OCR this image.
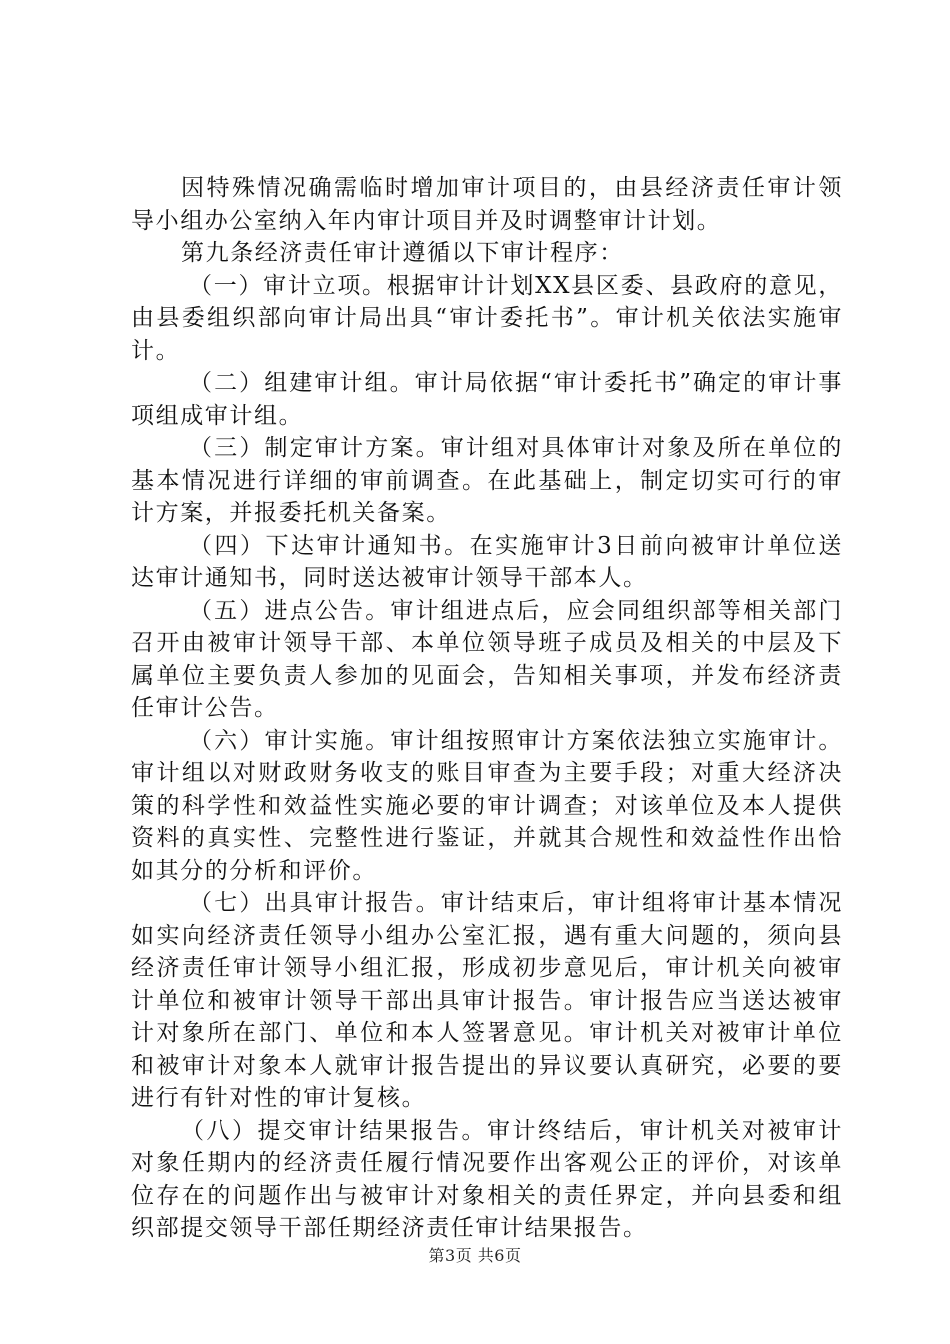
因特殊情况确需临时增加审计项目的，由县经济责任审计领导小组办公室纳入年内审计项目并及时调整审计计划。

第九条经济责任审计遵循以下审计程序：

（一）审计立项。根据审计计划XX县区委、县政府的意见，由县委组织部向审计局出具“审计委托书”。审计机关依法实施审计。

（二）组建审计组。审计局依据“审计委托书”确定的审计事项组成审计组。

（三）制定审计方案。审计组对具体审计对象及所在单位的基本情况进行详细的审前调查。在此基础上，制定切实可行的审计方案，并报委托机关备案。

（四）下达审计通知书。在实施审计3日前向被审计单位送达审计通知书，同时送达被审计领导干部本人。

（五）进点公告。审计组进点后，应会同组织部等相关部门召开由被审计领导干部、本单位领导班子成员及相关的中层及下属单位主要负责人参加的见面会，告知相关事项，并发布经济责任审计公告。

（六）审计实施。审计组按照审计方案依法独立实施审计。审计组以对财政财务收支的账目审查为主要手段；对重大经济决策的科学性和效益性实施必要的审计调查；对该单位及本人提供资料的真实性、完整性进行鉴证，并就其合规性和效益性作出恰如其分的分析和评价。

（七）出具审计报告。审计结束后，审计组将审计基本情况如实向经济责任领导小组办公室汇报，遇有重大问题的，须向县经济责任审计领导小组汇报，形成初步意见后，审计机关向被审计单位和被审计领导干部出具审计报告。审计报告应当送达被审计对象所在部门、单位和本人签署意见。审计机关对被审计单位和被审计对象本人就审计报告提出的异议要认真研究，必要的要进行有针对性的审计复核。

（八）提交审计结果报告。审计终结后，审计机关对被审计对象任期内的经济责任履行情况要作出客观公正的评价，对该单位存在的问题作出与被审计对象相关的责任界定，并向县委和组织部提交领导干部任期经济责任审计结果报告。

第3页 共6页
